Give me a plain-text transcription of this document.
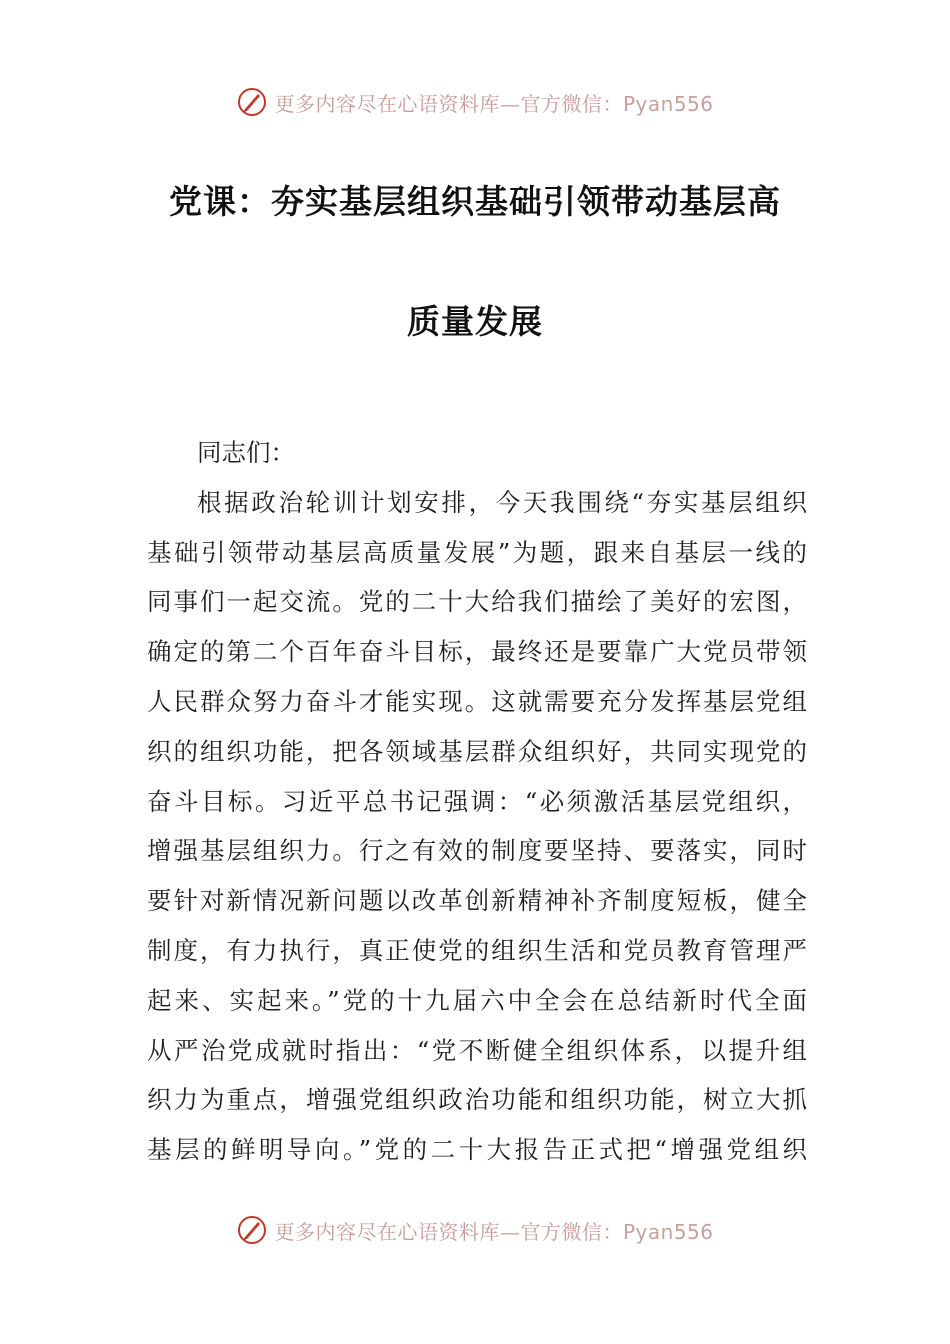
更多内容尽在心语资料库—官方微信：Pyan556
党课：夯实基层组织基础引领带动基层高
质量发展
同志们：
根据政治轮训计划安排，今天我围绕“夯实基层组织
基础引领带动基层高质量发展”为题，跟来自基层一线的
同事们一起交流。党的二十大给我们描绘了美好的宏图，
确定的第二个百年奋斗目标，最终还是要靠广大党员带领
人民群众努力奋斗才能实现。这就需要充分发挥基层党组
织的组织功能，把各领域基层群众组织好，共同实现党的
奋斗目标。习近平总书记强调：“必须激活基层党组织，
增强基层组织力。行之有效的制度要坚持、要落实，同时
要针对新情况新问题以改革创新精神补齐制度短板，健全
制度，有力执行，真正使党的组织生活和党员教育管理严
起来、实起来。”党的十九届六中全会在总结新时代全面
从严治党成就时指出：“党不断健全组织体系，以提升组
织力为重点，增强党组织政治功能和组织功能，树立大抓
基层的鲜明导向。”党的二十大报告正式把“增强党组织
更多内容尽在心语资料库—官方微信：Pyan556
